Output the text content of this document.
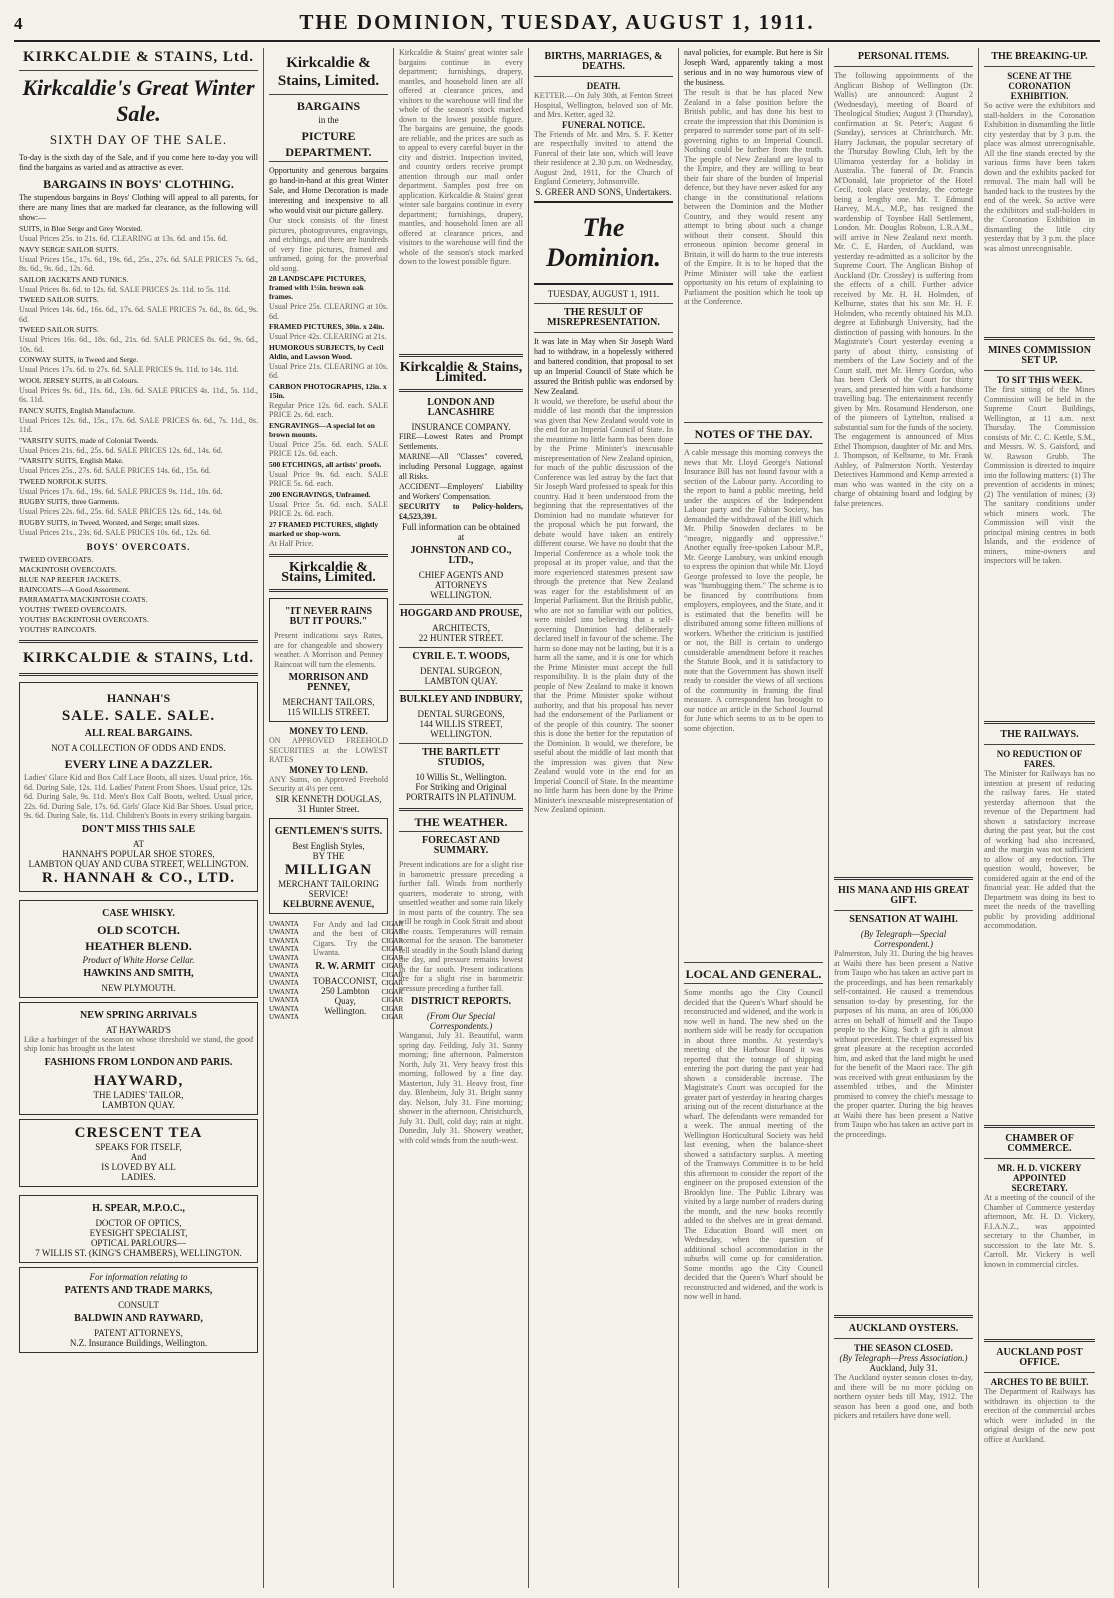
4	THE DOMINION, TUESDAY, AUGUST 1, 1911.
KIRKCALDIE & STAINS, Ltd.
Kirkcaldie's Great Winter Sale.
SIXTH DAY OF THE SALE.
To-day is the sixth day of the Sale, and if you come here to-day you will find the bargains as varied and as attractive as ever.
BARGAINS IN BOYS' CLOTHING.
The stupendous bargains in Boys' Clothing will appeal to all parents, for there are many lines that are marked far clearance, as the following will show:—
SUITS, in Blue Serge and Grey Worsted.
Usual Prices 25s. to 21s. 6d. CLEARING at 13s. 6d. and 15s. 6d.
NAVY SERGE SAILOR SUITS.
Usual Prices 15s., 17s. 6d., 19s. 6d., 25s., 27s. 6d. SALE PRICES 7s. 6d., 8s. 6d., 9s. 6d., 12s. 6d.
SAILOR JACKETS AND TUNICS.
Usual Prices 8s. 6d. to 12s. 6d. SALE PRICES 2s. 11d. to 5s. 11d.
TWEED SAILOR SUITS.
Usual Prices 14s. 6d., 16s. 6d., 17s. 6d. SALE PRICES 7s. 6d., 8s. 6d., 9s. 6d.
TWEED SAILOR SUITS.
Usual Prices 16s. 6d., 18s. 6d., 21s. 6d. SALE PRICES 8s. 6d., 9s. 6d., 10s. 6d.
CONWAY SUITS, in Tweed and Serge.
Usual Prices 17s. 6d. to 27s. 6d. SALE PRICES 9s. 11d. to 14s. 11d.
WOOL JERSEY SUITS, in all Colours.
Usual Prices 9s. 6d., 11s. 6d., 13s. 6d. SALE PRICES 4s. 11d., 5s. 11d., 6s. 11d.
FANCY SUITS, English Manufacture.
Usual Prices 12s. 6d., 15s., 17s. 6d. SALE PRICES 6s. 6d., 7s. 11d., 8s. 11d.
"VARSITY SUITS, made of Colonial Tweeds.
Usual Prices 21s. 6d., 25s. 6d. SALE PRICES 12s. 6d., 14s. 6d.
"VARSITY SUITS, English Make.
Usual Prices 25s., 27s. 6d. SALE PRICES 14s. 6d., 15s. 6d.
TWEED NORFOLK SUITS.
Usual Prices 17s. 6d., 19s. 6d. SALE PRICES 9s. 11d., 10s. 6d.
RUGBY SUITS, three Garments.
Usual Prices 22s. 6d., 25s. 6d. SALE PRICES 12s. 6d., 14s. 6d.
RUGBY SUITS, in Tweed, Worsted, and Serge; small sizes.
Usual Prices 21s., 23s. 6d. SALE PRICES 10s. 6d., 12s. 6d.
BOYS' OVERCOATS.
TWEED OVERCOATS.
MACKINTOSH OVERCOATS.
BLUE NAP REEFER JACKETS.
RAINCOATS—A Good Assortment.
PARRAMATTA MACKINTOSH COATS.
YOUTHS' TWEED OVERCOATS.
YOUTHS' BACKINTOSH OVERCOATS.
YOUTHS' RAINCOATS.
KIRKCALDIE & STAINS, Ltd.
HANNAH'S
SALE. SALE. SALE.
ALL REAL BARGAINS.
NOT A COLLECTION OF ODDS AND ENDS.
EVERY LINE A DAZZLER.
Ladies' Glace Kid and Box Calf Lace Boots, all sizes. Usual price, 16s. 6d. During Sale, 12s. 11d. Ladies' Patent Front Shoes. Usual price, 12s. 6d. During Sale, 9s. 11d. Men's Box Calf Boots, welted. Usual price, 22s. 6d. During Sale, 17s. 6d. Girls' Glace Kid Bar Shoes. Usual price, 9s. 6d. During Sale, 6s. 11d. Children's Boots in every striking bargain.
DON'T MISS THIS SALE
AT
HANNAH'S POPULAR SHOE STORES,
LAMBTON QUAY AND CUBA STREET, WELLINGTON.
R. HANNAH & CO., LTD.
CASE WHISKY.
OLD SCOTCH.
HEATHER BLEND.
Product of White Horse Cellar.
HAWKINS AND SMITH,
NEW PLYMOUTH.
NEW SPRING ARRIVALS
AT HAYWARD'S
Like a harbinger of the season on whose threshold we stand, the good ship Ionic has brought us the latest
FASHIONS FROM LONDON AND PARIS.
HAYWARD,
THE LADIES' TAILOR,
LAMBTON QUAY.
CRESCENT TEA
SPEAKS FOR ITSELF,
And
IS LOVED BY ALL
LADIES.
H. SPEAR, M.P.O.C.,
DOCTOR OF OPTICS,
EYESIGHT SPECIALIST,
OPTICAL PARLOURS—
7 WILLIS ST. (KING'S CHAMBERS), WELLINGTON.
For information relating to
PATENTS AND TRADE MARKS,
CONSULT
BALDWIN AND RAYWARD,
PATENT ATTORNEYS,
N.Z. Insurance Buildings, Wellington.
Kirkcaldie & Stains, Limited.
BARGAINS
in the
PICTURE
DEPARTMENT.
Opportunity and generous bargains go hand-in-hand at this great Winter Sale, and Home Decoration is made interesting and inexpensive to all who would visit our picture gallery.
Our stock consists of the finest pictures, photogravures, engravings, and etchings, and there are hundreds of very fine pictures, framed and unframed, going for the proverbial old song.
28 LANDSCAPE PICTURES, framed with 1½in. brown oak frames.
Usual Price 25s. CLEARING at 10s. 6d.
FRAMED PICTURES, 30in. x 24in.
Usual Price 42s. CLEARING at 21s.
HUMOROUS SUBJECTS, by Cecil Aldin, and Lawson Wood.
Usual Price 21s. CLEARING at 10s. 6d.
CARBON PHOTOGRAPHS, 12in. x 15in.
Regular Price 12s. 6d. each. SALE PRICE 2s. 6d. each.
ENGRAVINGS—A special lot on brown mounts.
Usual Price 25s. 6d. each. SALE PRICE 12s. 6d. each.
500 ETCHINGS, all artists' proofs.
Usual Price 9s. 6d. each. SALE PRICE 5s. 6d. each.
200 ENGRAVINGS, Unframed.
Usual Price 5s. 6d. each. SALE PRICE 2s. 6d. each.
27 FRAMED PICTURES, slightly marked or shop-worn.
At Half Price.
Kirkcaldie & Stains, Limited.
"IT NEVER RAINS BUT IT POURS."
Present indications says Rates, are for changeable and showery weather. A Morrison and Penney Raincoat will turn the elements.
MORRISON AND PENNEY,
MERCHANT TAILORS,
115 WILLIS STREET.
MONEY TO LEND.
ON APPROVED FREEHOLD SECURITIES at the LOWEST RATES
MONEY TO LEND.
ANY Sums, on Approved Freehold Security at 4½ per cent.
SIR KENNETH DOUGLAS,
31 Hunter Street.
GENTLEMEN'S SUITS.
Best English Styles,
BY THE
MILLIGAN
MERCHANT TAILORING SERVICE!
KELBURNE AVENUE,
UWANTA
UWANTA
UWANTA
UWANTA
UWANTA
UWANTA
UWANTA
UWANTA
UWANTA
UWANTA
UWANTA
UWANTA
For Andy and lad and the best of Cigars. Try the Uwanta.
R. W. ARMIT
TOBACCONIST,
250 Lambton Quay, Wellington.
CIGAR
CIGAR
CIGAR
CIGAR
CIGAR
CIGAR
CIGAR
CIGAR
CIGAR
CIGAR
CIGAR
CIGAR
Kirkcaldie & Stains' great winter sale bargains continue in every department; furnishings, drapery, mantles, and household linen are all offered at clearance prices, and visitors to the warehouse will find the whole of the season's stock marked down to the lowest possible figure. The bargains are genuine, the goods are reliable, and the prices are such as to appeal to every careful buyer in the city and district. Inspection invited, and country orders receive prompt attention through our mail order department. Samples post free on application. Kirkcaldie & Stains' great winter sale bargains continue in every department; furnishings, drapery, mantles, and household linen are all offered at clearance prices, and visitors to the warehouse will find the whole of the season's stock marked down to the lowest possible figure.
Kirkcaldie & Stains, Limited.
LONDON AND LANCASHIRE
INSURANCE COMPANY.
FIRE—Lowest Rates and Prompt Settlements.
MARINE—All "Classes" covered, including Personal Luggage, against all Risks.
ACCIDENT—Employers' Liability and Workers' Compensation.
SECURITY to Policy-holders, £4,523,391.
Full information can be obtained at
JOHNSTON AND CO., LTD.,
CHIEF AGENTS AND ATTORNEYS
WELLINGTON.
HOGGARD AND PROUSE,
ARCHITECTS,
22 HUNTER STREET.
CYRIL E. T. WOODS,
DENTAL SURGEON,
LAMBTON QUAY.
BULKLEY AND INDBURY,
DENTAL SURGEONS,
144 WILLIS STREET, WELLINGTON.
THE BARTLETT STUDIOS,
10 Willis St., Wellington.
For Striking and Original PORTRAITS IN PLATINUM.
THE WEATHER.
FORECAST AND SUMMARY.
Present indications are for a slight rise in barometric pressure preceding a further fall. Winds from northerly quarters, moderate to strong, with unsettled weather and some rain likely in most parts of the country. The sea will be rough in Cook Strait and about the coasts. Temperatures will remain normal for the season. The barometer fell steadily in the South Island during the day, and pressure remains lowest in the far south. Present indications are for a slight rise in barometric pressure preceding a further fall.
DISTRICT REPORTS.
(From Our Special Correspondents.)
Wanganui, July 31. Beautiful, warm spring day. Feilding, July 31. Sunny morning; fine afternoon. Palmerston North, July 31. Very heavy frost this morning, followed by a fine day. Masterton, July 31. Heavy frost, fine day. Blenheim, July 31. Bright sunny day. Nelson, July 31. Fine morning; shower in the afternoon. Christchurch, July 31. Dull, cold day; rain at night. Dunedin, July 31. Showery weather, with cold winds from the south-west.
BIRTHS, MARRIAGES, & DEATHS.
DEATH.
KETTER.—On July 30th, at Fenton Street Hospital, Wellington, beloved son of Mr. and Mrs. Ketter, aged 32.
FUNERAL NOTICE.
The Friends of Mr. and Mrs. S. F. Ketter are respectfully invited to attend the Funeral of their late son, which will leave their residence at 2.30 p.m. on Wednesday, August 2nd, 1911, for the Church of England Cemetery, Johnsonville.
S. GREER AND SONS, Undertakers.
The Dominion.
TUESDAY, AUGUST 1, 1911.
THE RESULT OF MISREPRESENTATION.
It was late in May when Sir Joseph Ward had to withdraw, in a hopelessly withered and battered condition, that proposal to set up an Imperial Council of State which he assured the British public was endorsed by New Zealand.
It would, we therefore, be useful about the middle of last month that the impression was given that New Zealand would vote in the end for an Imperial Council of State. In the meantime no little harm has been done by the Prime Minister's inexcusable misrepresentation of New Zealand opinion, for much of the public discussion of the Conference was led astray by the fact that Sir Joseph Ward professed to speak for this country. Had it been understood from the beginning that the representatives of the Dominion had no mandate whatever for the proposal which he put forward, the debate would have taken an entirely different course. We have no doubt that the Imperial Conference as a whole took the proposal at its proper value, and that the more experienced statesmen present saw through the pretence that New Zealand was eager for the establishment of an Imperial Parliament. But the British public, who are not so familiar with our politics, were misled into believing that a self-governing Dominion had deliberately declared itself in favour of the scheme. The harm so done may not be lasting, but it is a harm all the same, and it is one for which the Prime Minister must accept the full responsibility. It is the plain duty of the people of New Zealand to make it known that the Prime Minister spoke without authority, and that his proposal has never had the endorsement of the Parliament or of the people of this country. The sooner this is done the better for the reputation of the Dominion. It would, we therefore, be useful about the middle of last month that the impression was given that New Zealand would vote in the end for an Imperial Council of State. In the meantime no little harm has been done by the Prime Minister's inexcusable misrepresentation of New Zealand opinion.
naval policies, for example. But here is Sir Joseph Ward, apparently taking a most serious and in no way humorous view of the business.
The result is that he has placed New Zealand in a false position before the British public, and has done his best to create the impression that this Dominion is prepared to surrender some part of its self-governing rights to an Imperial Council. Nothing could be further from the truth. The people of New Zealand are loyal to the Empire, and they are willing to bear their fair share of the burden of Imperial defence, but they have never asked for any change in the constitutional relations between the Dominion and the Mother Country, and they would resent any attempt to bring about such a change without their consent. Should this erroneous opinion become general in Britain, it will do harm to the true interests of the Empire. It is to be hoped that the Prime Minister will take the earliest opportunity on his return of explaining to Parliament the position which he took up at the Conference.
NOTES OF THE DAY.
A cable message this morning conveys the news that Mr. Lloyd George's National Insurance Bill has not found favour with a section of the Labour party. According to the report to hand a public meeting, held under the auspices of the Independent Labour party and the Fabian Society, has demanded the withdrawal of the Bill which Mr. Philip Snowden declares to be "meagre, niggardly and oppressive." Another equally free-spoken Labour M.P., Mr. George Lansbury, was unkind enough to express the opinion that while Mr. Lloyd George professed to love the people, he was "humbugging them." The scheme is to be financed by contributions from employers, employees, and the State, and it is estimated that the benefits will be distributed among some fifteen millions of workers. Whether the criticism is justified or not, the Bill is certain to undergo considerable amendment before it reaches the Statute Book, and it is satisfactory to note that the Government has shown itself ready to consider the views of all sections of the community in framing the final measure. A correspondent has brought to our notice an article in the School Journal for June which seems to us to be open to some objection.
LOCAL AND GENERAL.
Some months ago the City Council decided that the Queen's Wharf should be reconstructed and widened, and the work is now well in hand. The new shed on the northern side will be ready for occupation in about three months. At yesterday's meeting of the Harbour Board it was reported that the tonnage of shipping entering the port during the past year had shown a considerable increase. The Magistrate's Court was occupied for the greater part of yesterday in hearing charges arising out of the recent disturbance at the wharf. The defendants were remanded for a week. The annual meeting of the Wellington Horticultural Society was held last evening, when the balance-sheet showed a satisfactory surplus. A meeting of the Tramways Committee is to be held this afternoon to consider the report of the engineer on the proposed extension of the Brooklyn line. The Public Library was visited by a large number of readers during the month, and the new books recently added to the shelves are in great demand. The Education Board will meet on Wednesday, when the question of additional school accommodation in the suburbs will come up for consideration. Some months ago the City Council decided that the Queen's Wharf should be reconstructed and widened, and the work is now well in hand.
PERSONAL ITEMS.
The following appointments of the Anglican Bishop of Wellington (Dr. Wallis) are announced: August 2 (Wednesday), meeting of Board of Theological Studies; August 3 (Thursday), confirmation at St. Peter's; August 6 (Sunday), services at Christchurch. Mr. Harry Jackman, the popular secretary of the Thursday Bowling Club, left by the Ulimaroa yesterday for a holiday in Australia. The funeral of Dr. Francis M'Donald, late proprietor of the Hotel Cecil, took place yesterday, the cortege being a lengthy one. Mr. T. Edmund Harvey, M.A., M.P., has resigned the wardenship of Toynbee Hall Settlement, London. Mr. Douglas Robson, L.R.A.M., will arrive in New Zealand next month. Mr. C. E. Harden, of Auckland, was yesterday re-admitted as a solicitor by the Supreme Court. The Anglican Bishop of Auckland (Dr. Crossley) is suffering from the effects of a chill. Further advice received by Mr. H. H. Holmden, of Kelburne, states that his son Mr. H. F. Holmden, who recently obtained his M.D. degree at Edinburgh University, had the distinction of passing with honours. In the Magistrate's Court yesterday evening a party of about thirty, consisting of members of the Law Society and of the Court staff, met Mr. Henry Gordon, who has been Clerk of the Court for thirty years, and presented him with a handsome travelling bag. The entertainment recently given by Mrs. Rosamund Henderson, one of the pioneers of Lyttelton, realised a substantial sum for the funds of the society. The engagement is announced of Miss Ethel Thompson, daughter of Mr. and Mrs. J. Thompson, of Kelburne, to Mr. Frank Ashley, of Palmerston North. Yesterday Detectives Hammond and Kemp arrested a man who was wanted in the city on a charge of obtaining board and lodging by false pretences.
HIS MANA AND HIS GREAT GIFT.
SENSATION AT WAIHI.
(By Telegraph—Special Correspondent.)
Palmerston, July 31. During the big heaves at Waihi there has been present a Native from Taupo who has taken an active part in the proceedings, and has been remarkably self-contained. He caused a tremendous sensation to-day by presenting, for the purposes of his mana, an area of 106,000 acres on behalf of himself and the Taupo people to the King. Such a gift is almost without precedent. The chief expressed his great pleasure at the reception accorded him, and asked that the land might be used for the benefit of the Maori race. The gift was received with great enthusiasm by the assembled tribes, and the Minister promised to convey the chief's message to the proper quarter. During the big heaves at Waihi there has been present a Native from Taupo who has taken an active part in the proceedings.
AUCKLAND OYSTERS.
THE SEASON CLOSED.
(By Telegraph—Press Association.)
Auckland, July 31.
The Auckland oyster season closes to-day, and there will be no more picking on northern oyster beds till May, 1912. The season has been a good one, and both pickers and retailers have done well.
THE BREAKING-UP.
SCENE AT THE CORONATION EXHIBITION.
So active were the exhibitors and stall-holders in the Coronation Exhibition in dismantling the little city yesterday that by 3 p.m. the place was almost unrecognisable. All the fine stands erected by the various firms have been taken down and the exhibits packed for removal. The main hall will be handed back to the trustees by the end of the week. So active were the exhibitors and stall-holders in the Coronation Exhibition in dismantling the little city yesterday that by 3 p.m. the place was almost unrecognisable.
MINES COMMISSION SET UP.
TO SIT THIS WEEK.
The first sitting of the Mines Commission will be held in the Supreme Court Buildings, Wellington, at 11 a.m. next Thursday. The Commission consists of Mr. C. C. Kettle, S.M., and Messrs. W. S. Gaisford, and W. Rawson Grubb. The Commission is directed to inquire into the following matters: (1) The prevention of accidents in mines; (2) The ventilation of mines; (3) The sanitary conditions under which miners work. The Commission will visit the principal mining centres in both Islands, and the evidence of miners, mine-owners and inspectors will be taken.
THE RAILWAYS.
NO REDUCTION OF FARES.
The Minister for Railways has no intention at present of reducing the railway fares. He stated yesterday afternoon that the revenue of the Department had shown a satisfactory increase during the past year, but the cost of working had also increased, and the margin was not sufficient to allow of any reduction. The question would, however, be considered again at the end of the financial year. He added that the Department was doing its best to meet the needs of the travelling public by providing additional accommodation.
CHAMBER OF COMMERCE.
MR. H. D. VICKERY APPOINTED SECRETARY.
At a meeting of the council of the Chamber of Commerce yesterday afternoon, Mr. H. D. Vickery, F.I.A.N.Z., was appointed secretary to the Chamber, in succession to the late Mr. S. Carroll. Mr. Vickery is well known in commercial circles.
AUCKLAND POST OFFICE.
ARCHES TO BE BUILT.
The Department of Railways has withdrawn its objection to the erection of the commercial arches which were included in the original design of the new post office at Auckland.
